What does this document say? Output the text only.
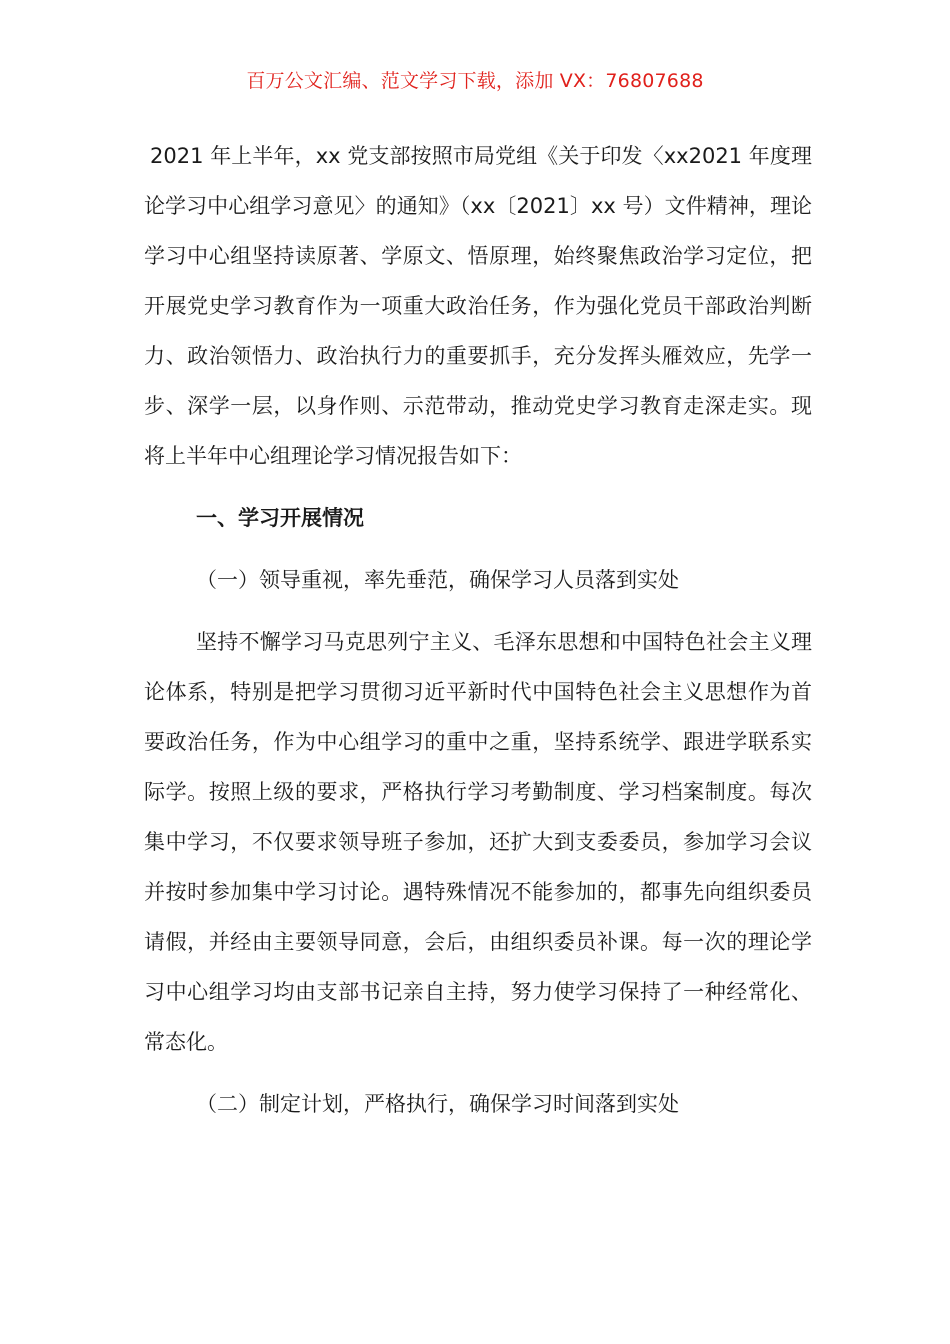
百万公文汇编、范文学习下载，添加 VX：76807688

2021 年上半年，xx 党支部按照市局党组《关于印发〈xx2021 年度理论学习中心组学习意见〉的通知》（xx〔2021〕xx 号）文件精神，理论学习中心组坚持读原著、学原文、悟原理，始终聚焦政治学习定位，把开展党史学习教育作为一项重大政治任务，作为强化党员干部政治判断力、政治领悟力、政治执行力的重要抓手，充分发挥头雁效应，先学一步、深学一层，以身作则、示范带动，推动党史学习教育走深走实。现将上半年中心组理论学习情况报告如下：

一、学习开展情况

（一）领导重视，率先垂范，确保学习人员落到实处

坚持不懈学习马克思列宁主义、毛泽东思想和中国特色社会主义理论体系，特别是把学习贯彻习近平新时代中国特色社会主义思想作为首要政治任务，作为中心组学习的重中之重，坚持系统学、跟进学联系实际学。按照上级的要求，严格执行学习考勤制度、学习档案制度。每次集中学习，不仅要求领导班子参加，还扩大到支委委员，参加学习会议并按时参加集中学习讨论。遇特殊情况不能参加的，都事先向组织委员请假，并经由主要领导同意，会后，由组织委员补课。每一次的理论学习中心组学习均由支部书记亲自主持，努力使学习保持了一种经常化、常态化。

（二）制定计划，严格执行，确保学习时间落到实处
